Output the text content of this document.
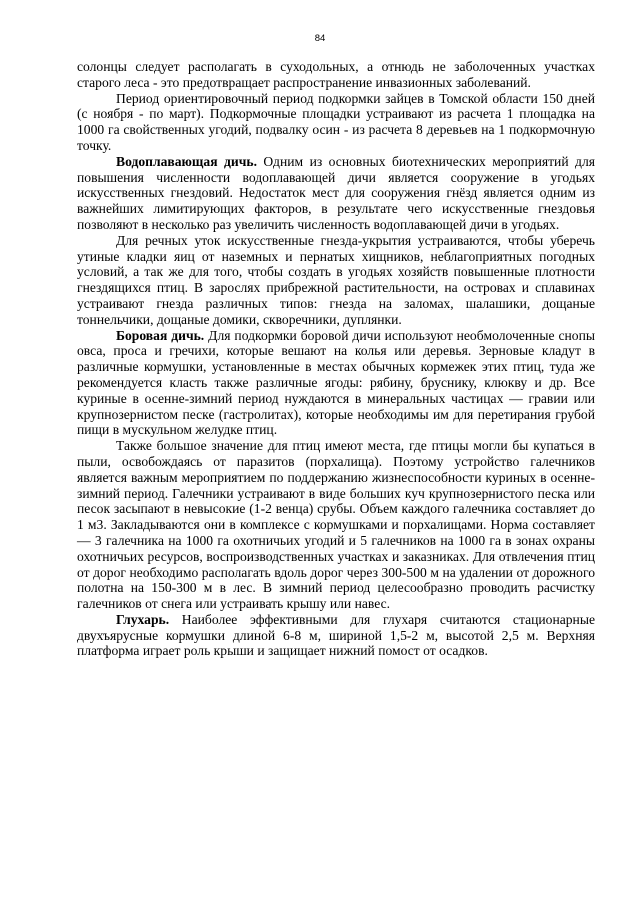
84

солонцы следует располагать в суходольных, а отнюдь не заболоченных участках старого леса - это предотвращает распространение инвазионных заболеваний.

Период ориентировочный период подкормки зайцев в Томской области 150 дней (с ноября - по март). Подкормочные площадки устраивают из расчета 1 площадка на 1000 га свойственных угодий, подвалку осин - из расчета 8 деревьев на 1 подкормочную точку.

Водоплавающая дичь. Одним из основных биотехнических мероприятий для повышения численности водоплавающей дичи является сооружение в угодьях искусственных гнездовий. Недостаток мест для сооружения гнёзд является одним из важнейших лимитирующих факторов, в результате чего искусственные гнездовья позволяют в несколько раз увеличить численность водоплавающей дичи в угодьях.

Для речных уток искусственные гнезда-укрытия устраиваются, чтобы уберечь утиные кладки яиц от наземных и пернатых хищников, неблагоприятных погодных условий, а так же для того, чтобы создать в угодьях хозяйств повышенные плотности гнездящихся птиц. В зарослях прибрежной растительности, на островах и сплавинах устраивают гнезда различных типов: гнезда на заломах, шалашики, дощаные тоннельчики, дощаные домики, скворечники, дуплянки.

Боровая дичь. Для подкормки боровой дичи используют необмолоченные снопы овса, проса и гречихи, которые вешают на колья или деревья. Зерновые кладут в различные кормушки, установленные в местах обычных кормежек этих птиц, туда же рекомендуется класть также различные ягоды: рябину, бруснику, клюкву и др. Все куриные в осенне-зимний период нуждаются в минеральных частицах — гравии или крупнозернистом песке (гастролитах), которые необходимы им для перетирания грубой пищи в мускульном желудке птиц.

Также большое значение для птиц имеют места, где птицы могли бы купаться в пыли, освобождаясь от паразитов (порхалища). Поэтому устройство галечников является важным мероприятием по поддержанию жизнеспособности куриных в осенне-зимний период. Галечники устраивают в виде больших куч крупнозернистого песка или песок засыпают в невысокие (1-2 венца) срубы. Объем каждого галечника составляет до 1 м3. Закладываются они в комплексе с кормушками и порхалищами. Норма составляет — 3 галечника на 1000 га охотничьих угодий и 5 галечников на 1000 га в зонах охраны охотничьих ресурсов, воспроизводственных участках и заказниках. Для отвлечения птиц от дорог необходимо располагать вдоль дорог через 300-500 м на удалении от дорожного полотна на 150-300 м в лес. В зимний период целесообразно проводить расчистку галечников от снега или устраивать крышу или навес.

Глухарь. Наиболее эффективными для глухаря считаются стационарные двухъярусные кормушки длиной 6-8 м, шириной 1,5-2 м, высотой 2,5 м. Верхняя платформа играет роль крыши и защищает нижний помост от осадков.
